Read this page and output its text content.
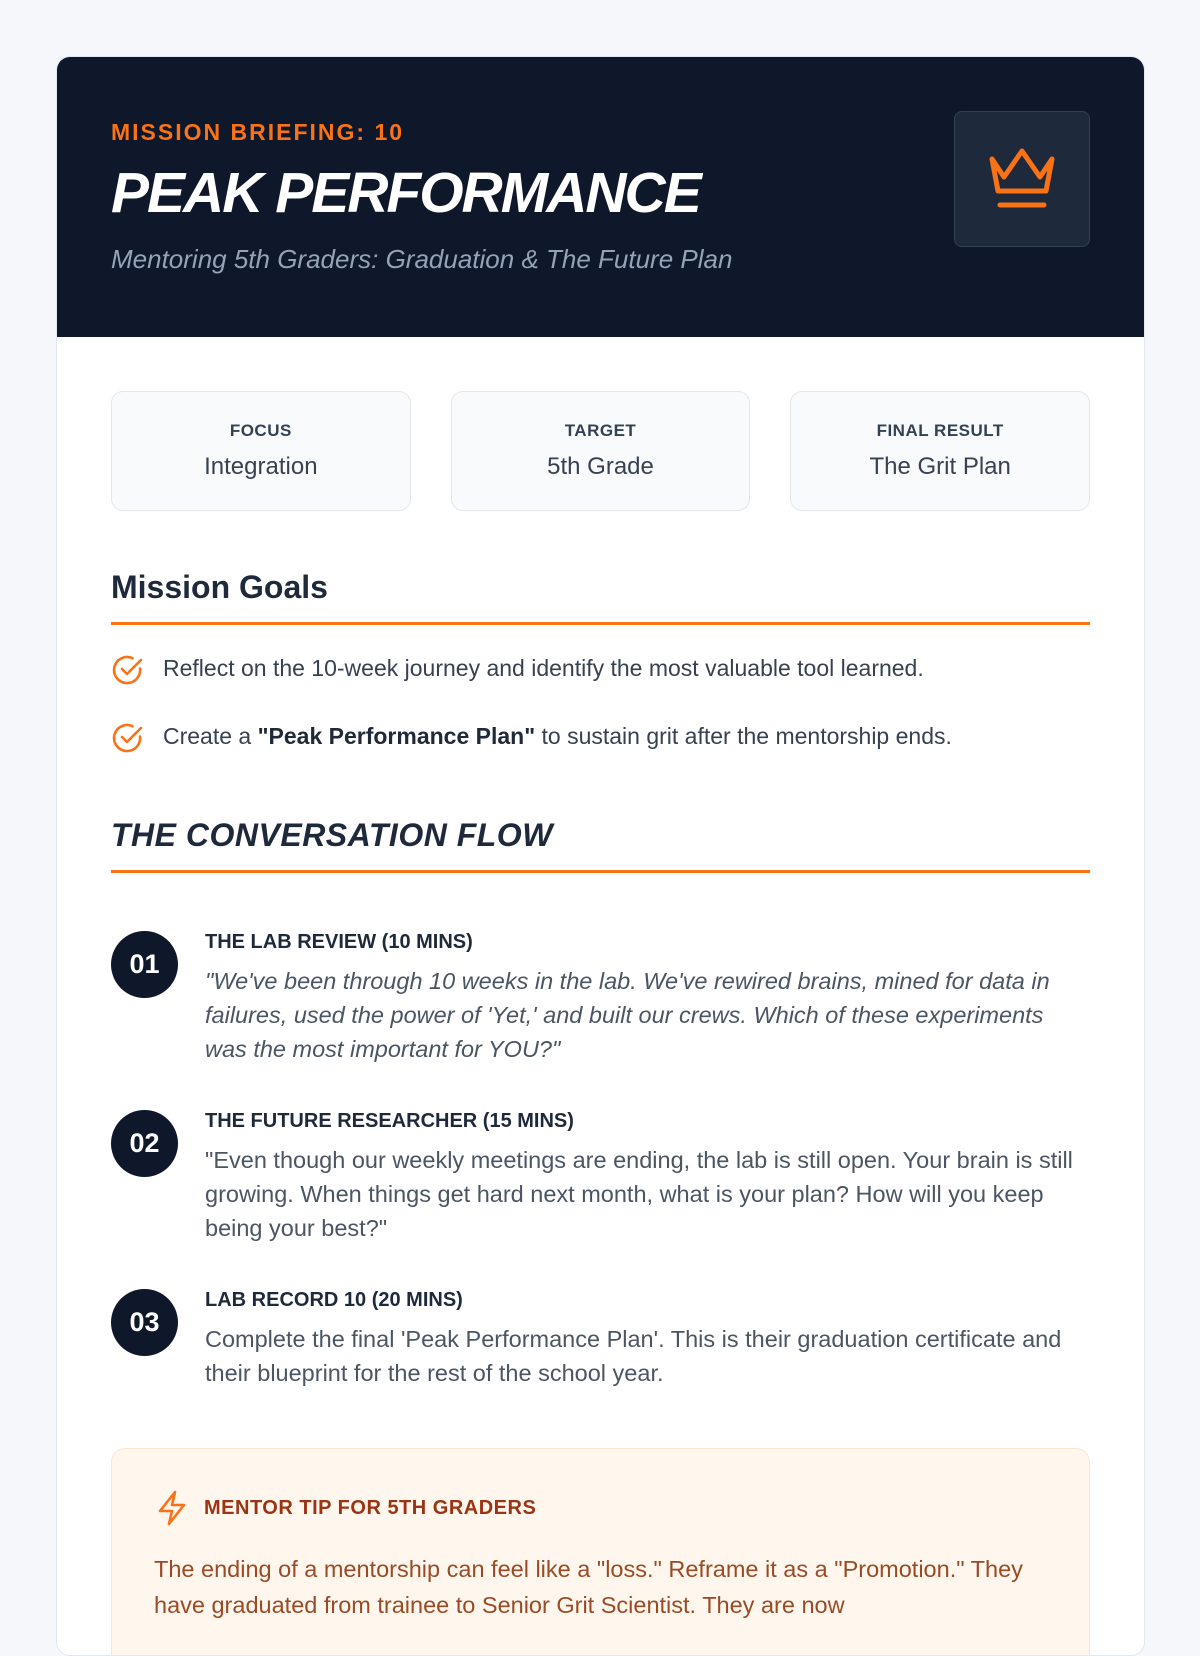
MISSION BRIEFING: 10
PEAK PERFORMANCE
Mentoring 5th Graders: Graduation & The Future Plan
FOCUS
Integration
TARGET
5th Grade
FINAL RESULT
The Grit Plan
Mission Goals
Reflect on the 10-week journey and identify the most valuable tool learned.
Create a "Peak Performance Plan" to sustain grit after the mentorship ends.
THE CONVERSATION FLOW
01
THE LAB REVIEW (10 MINS)
"We've been through 10 weeks in the lab. We've rewired brains, mined for data in failures, used the power of 'Yet,' and built our crews. Which of these experiments was the most important for YOU?"
02
THE FUTURE RESEARCHER (15 MINS)
"Even though our weekly meetings are ending, the lab is still open. Your brain is still growing. When things get hard next month, what is your plan? How will you keep being your best?"
03
LAB RECORD 10 (20 MINS)
Complete the final 'Peak Performance Plan'. This is their graduation certificate and their blueprint for the rest of the school year.
MENTOR TIP FOR 5TH GRADERS
The ending of a mentorship can feel like a "loss." Reframe it as a "Promotion." They have graduated from trainee to Senior Grit Scientist. They are now
